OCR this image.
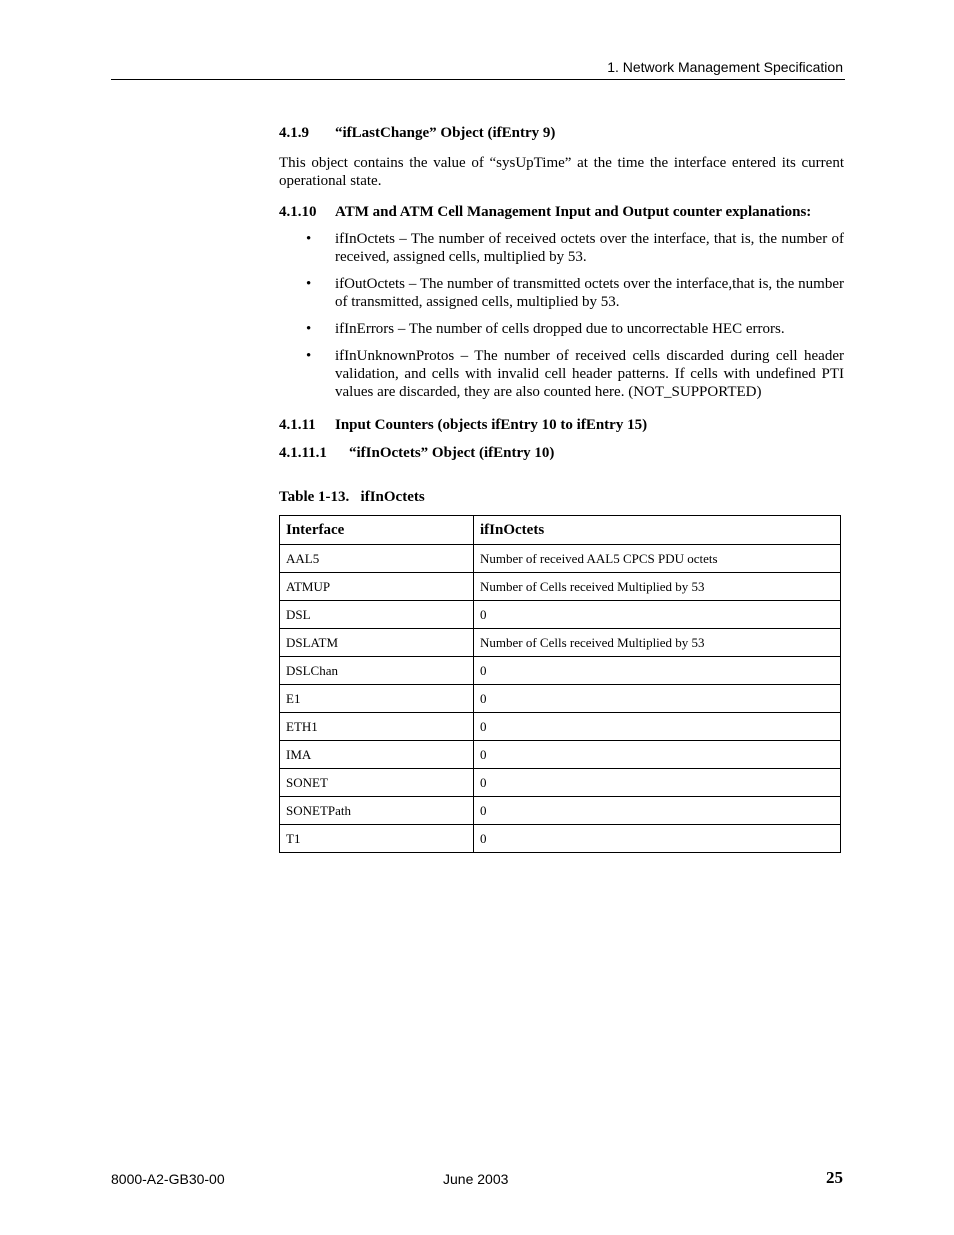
1. Network Management Specification
4.1.9	“ifLastChange” Object (ifEntry 9)

This object contains the value of “sysUpTime” at the time the interface entered its current operational state.

4.1.10	ATM and ATM Cell Management Input and Output counter explanations:
• ifInOctets – The number of received octets over the interface, that is, the number of received, assigned cells, multiplied by 53.
• ifOutOctets – The number of transmitted octets over the interface,that is, the number of transmitted, assigned cells, multiplied by 53.
• ifInErrors – The number of cells dropped due to uncorrectable HEC errors.
• ifInUnknownProtos – The number of received cells discarded during cell header validation, and cells with invalid cell header patterns. If cells with undefined PTI values are discarded, they are also counted here. (NOT_SUPPORTED)
4.1.11	Input Counters (objects ifEntry 10 to ifEntry 15)
4.1.11.1	“ifInOctets” Object (ifEntry 10)
Table 1-13.   ifInOctets
Interface	ifInOctets
AAL5	Number of received AAL5 CPCS PDU octets
ATMUP	Number of Cells received Multiplied by 53
DSL	0
DSLATM	Number of Cells received Multiplied by 53
DSLChan	0
E1	0
ETH1	0
IMA	0
SONET	0
SONETPath	0
T1	0
8000-A2-GB30-00	June 2003	25
